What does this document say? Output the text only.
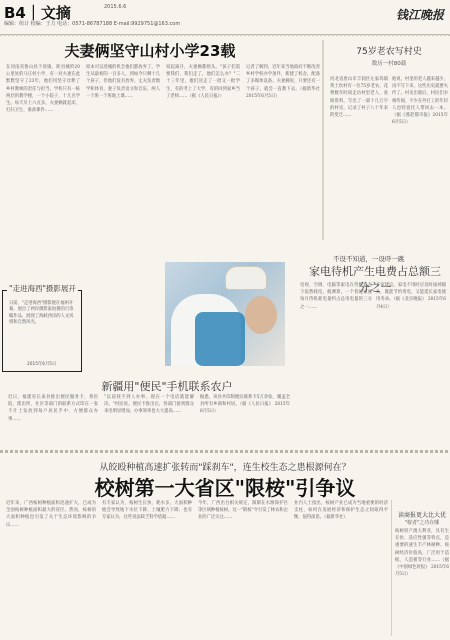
B4｜文摘	2015.6.6
编辑：组计 校编：王力 电话：0571-86787188 E-mail:9929751@163.com
钱江晚报
夫妻俩坚守山村小学23载
在河南省鲁山县下汤镇，距县城约20公里处的马庄村小学，有一对夫妻在此默默坚守了23年，他们用坚守诠释了乡村教师的责任与担当。学校只有一栋两层的教学楼，一个小院子，十几名学生。每天早上六点多，夫妻俩就起床，打扫卫生、准备课件……
原本可以进城的机会他们都放弃了。学生从最初的一百多人，到如今只剩十几个孩子，但他们没有放弃。丈夫负责数学和体育，妻子负责语文和音乐，两人一个班一个班地上课……
说起离开，夫妻俩都摇头。"孩子们需要我们，我们走了，他们怎么办？"二十三年里，他们送走了一批又一批学生，有的考上了大学，有的回到家乡当了老师……（据《人民日报》）
记者了解到，近年来当地政府不断改善乡村学校办学条件，新建了校舍，配备了多媒体设备。夫妻俩说，只要还有一个孩子，就会一直教下去。（据新华社 2015年6月5日）
75岁老农写村史
数历一村80载
河北省唐山市丰润区左家坞镇黄土坎村有一位75岁老农，花费数年时间走访村里老人、查阅资料，写出了一部十几万字的村史，记录了村子八十年来的变迁……
他说，村里的老人越来越少，再不写下来，这些历史就要失传了。村史出版后，村民们争相传阅，不少在外打工的年轻人也特意托人带回去一本。（据《燕赵都市报》2015年6月5日）
"走进海西"摄影展开
日前，"走进海西"摄影展在福州开幕，展出了两岸摄影家拍摄的百余幅作品，展现了海峡西岸的人文风情和自然风光。
2015年6月5日
新疆用"便民"手机联系农户
近日，福建省长泰县推出便民服务卡，将医院、派出所、社区等部门的联系方式印在一张卡片上发放到每户居民手中，方便群众办事……
"以前找不到人办事，现在一个电话就能解决。"村民说。便民卡推出后，各部门接到群众来电明显增加，办事效率也大大提高……
据悉，该县共印制便民联系卡5万余张，覆盖全县所有乡镇和村居。（据《人民日报》 2015年6月5日）
不设不知道，一设吓一跳
家电待机产生电费占总额三分之一
电视、空调、电脑等家电在待机状态下依然耗电。据测算，一个普通家庭每月待机耗电量约占总用电量的三分之一……
专家建议，家电不用时应及时拔掉插头，既能节约用电，又能延长家电使用寿命。（据《北京晚报》 2015年6月4日）
从皎殴种植高速扩张转而"踩刹车"，连生校生态之患根源何在？
校树第一大省区"限桉"引争议
近年来，广西桉树种植面积迅速扩大，已成为全国桉树种植面积最大的省区。然而，桉树的大面积种植也引发了关于生态环境影响的争议……
有专家认为，桉树生长快、耗水多，大面积种植会导致地下水位下降、土壤肥力下降；也有专家认为，这些说法缺乏科学依据……
今年，广西出台相关规定，限制在水源保护区等区域种植桉树。这一"限桉"令引发了林农和企业的广泛关注……
业内人士指出，桉树产业已成为当地重要的经济支柱，如何在发展经济和保护生态之间取得平衡，值得深思。（据新华社）	读商报更大比大优
"桉者"之功在哪
桉树原产澳大利亚，具有生长快、适应性强等特点，是重要的速生丰产林树种。桉树经济价值高，广泛用于造纸、人造板等行业……（据《中国绿色时报》 2015年6月5日）
